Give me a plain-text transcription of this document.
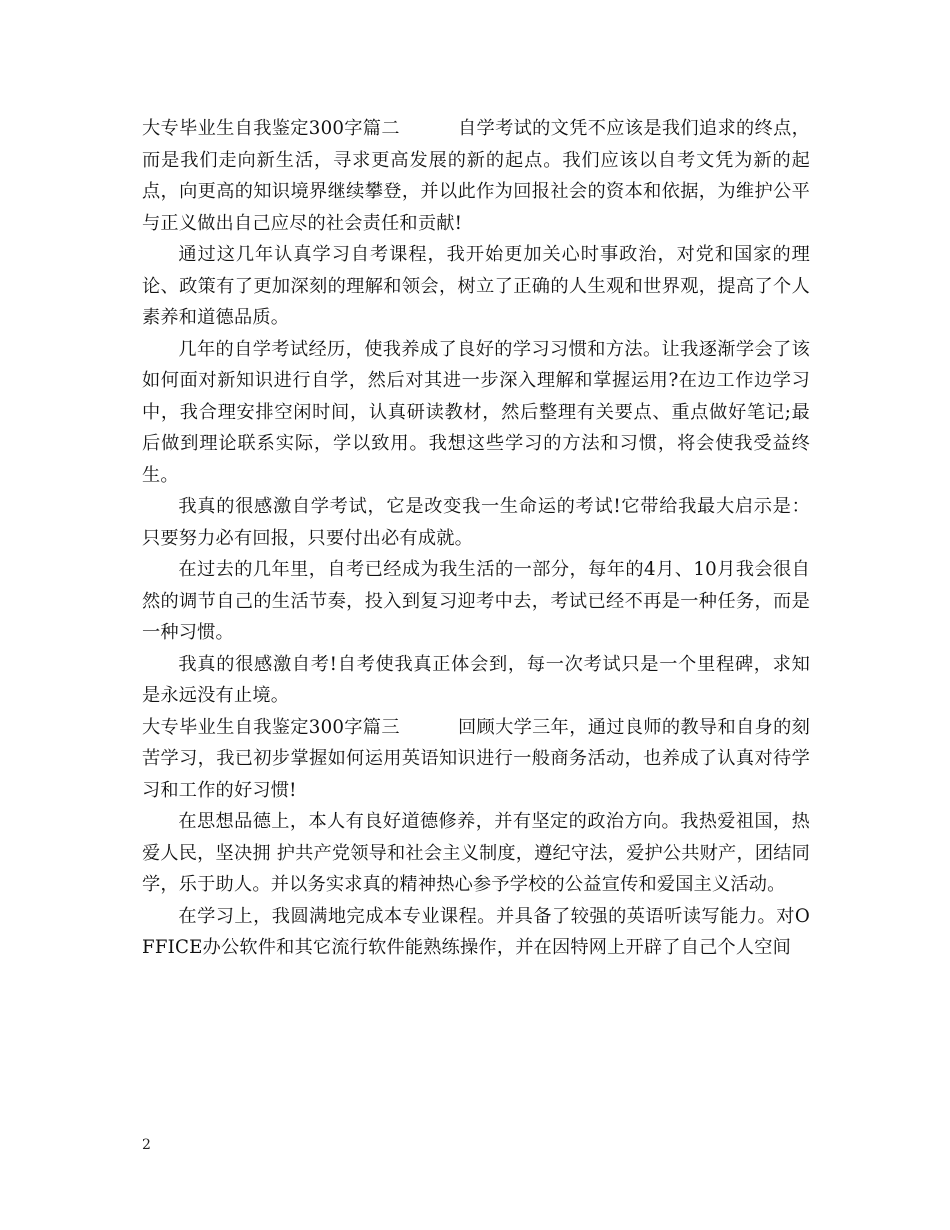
大专毕业生自我鉴定300字篇二	自学考试的文凭不应该是我们追求的终点，而是我们走向新生活，寻求更高发展的新的起点。我们应该以自考文凭为新的起点，向更高的知识境界继续攀登，并以此作为回报社会的资本和依据，为维护公平与正义做出自己应尽的社会责任和贡献!

通过这几年认真学习自考课程，我开始更加关心时事政治，对党和国家的理论、政策有了更加深刻的理解和领会，树立了正确的人生观和世界观，提高了个人素养和道德品质。

几年的自学考试经历，使我养成了良好的学习习惯和方法。让我逐渐学会了该如何面对新知识进行自学，然后对其进一步深入理解和掌握运用?在边工作边学习中，我合理安排空闲时间，认真研读教材，然后整理有关要点、重点做好笔记;最后做到理论联系实际，学以致用。我想这些学习的方法和习惯，将会使我受益终生。

我真的很感激自学考试，它是改变我一生命运的考试!它带给我最大启示是：只要努力必有回报，只要付出必有成就。

在过去的几年里，自考已经成为我生活的一部分，每年的4月、10月我会很自然的调节自己的生活节奏，投入到复习迎考中去，考试已经不再是一种任务，而是一种习惯。

我真的很感激自考!自考使我真正体会到，每一次考试只是一个里程碑，求知是永远没有止境。

大专毕业生自我鉴定300字篇三	回顾大学三年，通过良师的教导和自身的刻苦学习，我已初步掌握如何运用英语知识进行一般商务活动，也养成了认真对待学习和工作的好习惯!

在思想品德上，本人有良好道德修养，并有坚定的政治方向。我热爱祖国，热爱人民，坚决拥 护共产党领导和社会主义制度，遵纪守法，爱护公共财产，团结同学，乐于助人。并以务实求真的精神热心参予学校的公益宣传和爱国主义活动。

在学习上，我圆满地完成本专业课程。并具备了较强的英语听读写能力。对OFFICE办公软件和其它流行软件能熟练操作，并在因特网上开辟了自己个人空间

2
